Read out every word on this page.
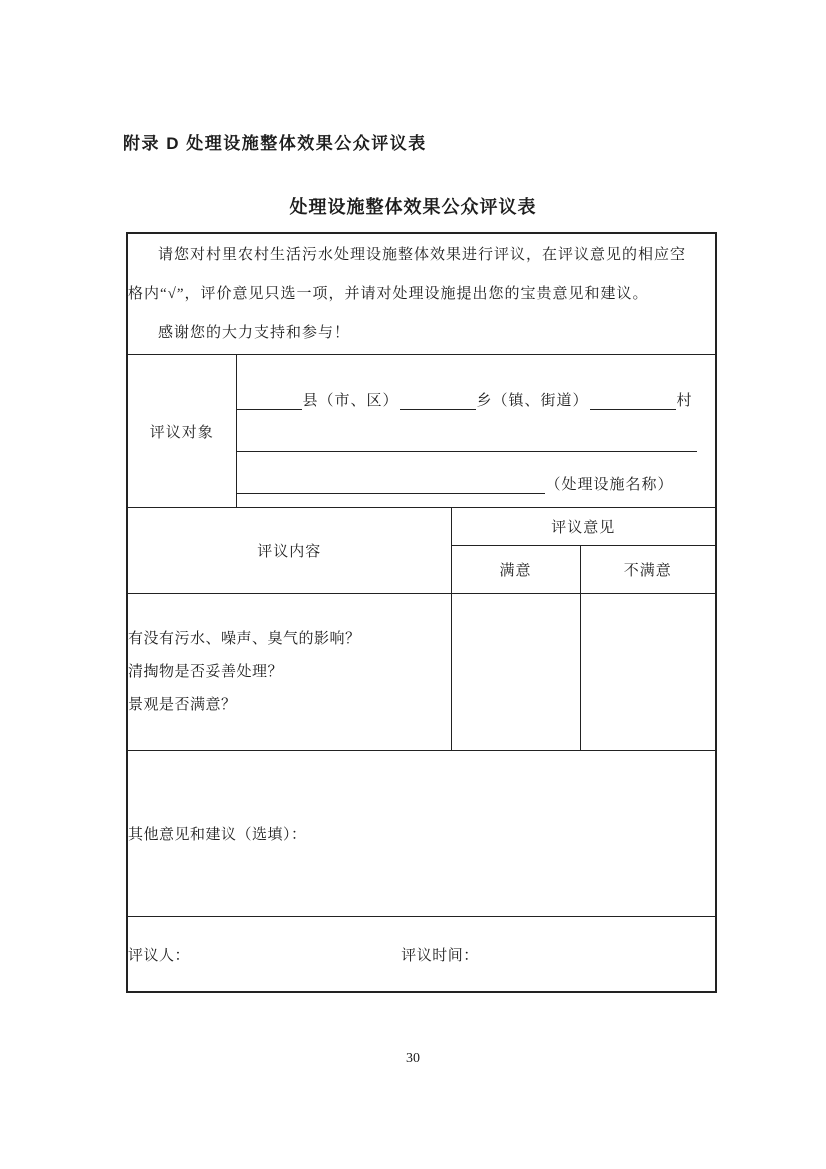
附录 D 处理设施整体效果公众评议表
处理设施整体效果公众评议表
请您对村里农村生活污水处理设施整体效果进行评议，在评议意见的相应空
格内“√”，评价意见只选一项，并请对处理设施提出您的宝贵意见和建议。
感谢您的大力支持和参与！			

评议对象	县（市、区） 乡（镇、街道） 村
（处理设施名称）		

评议内容		评议意见	
		满意	不满意

有没有污水、噪声、臭气的影响？
清掏物是否妥善处理？
景观是否满意？			

其他意见和建议（选填）：			
评议人： 评议时间：			
30
